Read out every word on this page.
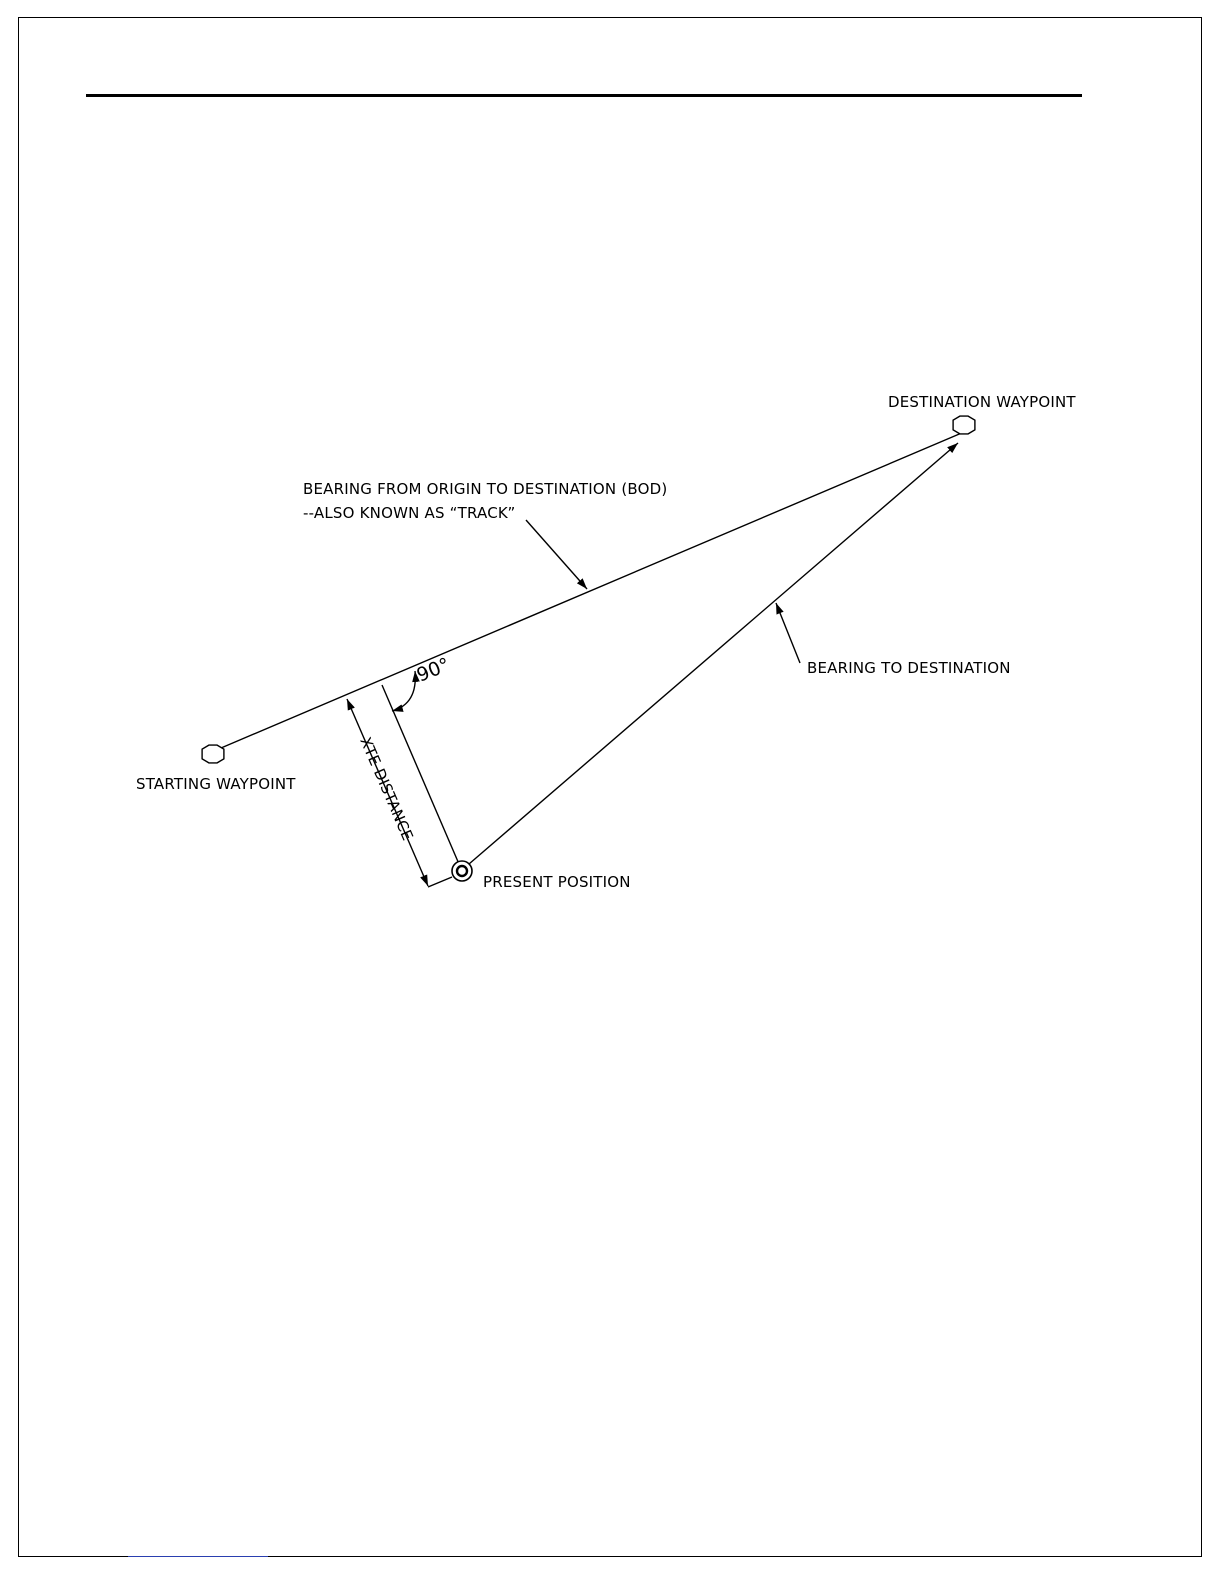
DESTINATION WAYPOINT
BEARING FROM ORIGIN TO DESTINATION (BOD)
--ALSO KNOWN AS “TRACK”
BEARING TO DESTINATION
90°
STARTING WAYPOINT	XTE DISTANCE
PRESENT POSITION
